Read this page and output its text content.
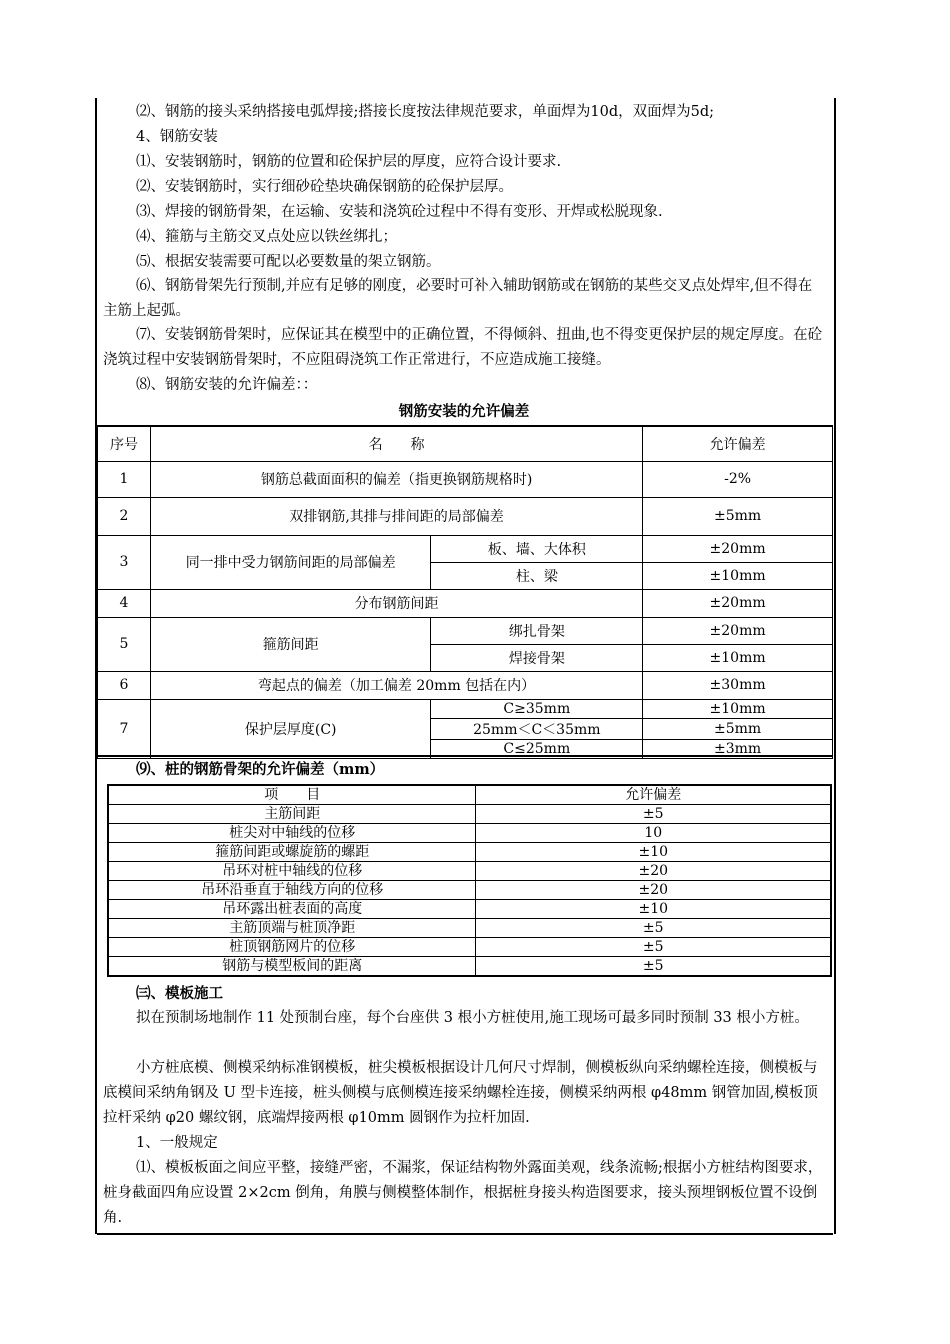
⑵、钢筋的接头采纳搭接电弧焊接;搭接长度按法律规范要求，单面焊为10d，双面焊为5d;
4、钢筋安装
⑴、安装钢筋时，钢筋的位置和砼保护层的厚度，应符合设计要求.
⑵、安装钢筋时，实行细砂砼垫块确保钢筋的砼保护层厚。
⑶、焊接的钢筋骨架，在运输、安装和浇筑砼过程中不得有变形、开焊或松脱现象.
⑷、箍筋与主筋交叉点处应以铁丝绑扎；
⑸、根据安装需要可配以必要数量的架立钢筋。
⑹、钢筋骨架先行预制,并应有足够的刚度，必要时可补入辅助钢筋或在钢筋的某些交叉点处焊牢,但不得在主筋上起弧。
⑺、安装钢筋骨架时，应保证其在模型中的正确位置，不得倾斜、扭曲,也不得变更保护层的规定厚度。在砼浇筑过程中安装钢筋骨架时，不应阻碍浇筑工作正常进行，不应造成施工接缝。
⑻、钢筋安装的允许偏差：：
钢筋安装的允许偏差
序号	名　　称		允许偏差
1	钢筋总截面面积的偏差（指更换钢筋规格时)		-2%
2	双排钢筋,其排与排间距的局部偏差		±5mm
3	同一排中受力钢筋间距的局部偏差	板、墙、大体积	±20mm
		柱、梁	±10mm
4	分布钢筋间距		±20mm
5	箍筋间距	绑扎骨架	±20mm
		焊接骨架	±10mm
6	弯起点的偏差（加工偏差 20mm 包括在内）		±30mm
7	保护层厚度(C)	C≥35mm	±10mm
		25mm＜C＜35mm	±5mm
		C≤25mm	±3mm
⑼、桩的钢筋骨架的允许偏差（mm）
项　　目	允许偏差
主筋间距	±5
桩尖对中轴线的位移	10
箍筋间距或螺旋筋的螺距	±10
吊环对桩中轴线的位移	±20
吊环沿垂直于轴线方向的位移	±20
吊环露出桩表面的高度	±10
主筋顶端与桩顶净距	±5
桩顶钢筋网片的位移	±5
钢筋与模型板间的距离	±5
㈢、模板施工
拟在预制场地制作 11 处预制台座，每个台座供 3 根小方桩使用,施工现场可最多同时预制 33 根小方桩。
小方桩底模、侧模采纳标准钢模板，桩尖模板根据设计几何尺寸焊制，侧模板纵向采纳螺栓连接，侧模板与底模间采纳角钢及 U 型卡连接，桩头侧模与底侧模连接采纳螺栓连接，侧模采纳两根 φ48mm 钢管加固,模板顶拉杆采纳 φ20 螺纹钢，底端焊接两根 φ10mm 圆钢作为拉杆加固.
1、一般规定
⑴、模板板面之间应平整，接缝严密，不漏浆，保证结构物外露面美观，线条流畅;根据小方桩结构图要求，桩身截面四角应设置 2×2cm 倒角，角膜与侧模整体制作，根据桩身接头构造图要求，接头预埋钢板位置不设倒角.
